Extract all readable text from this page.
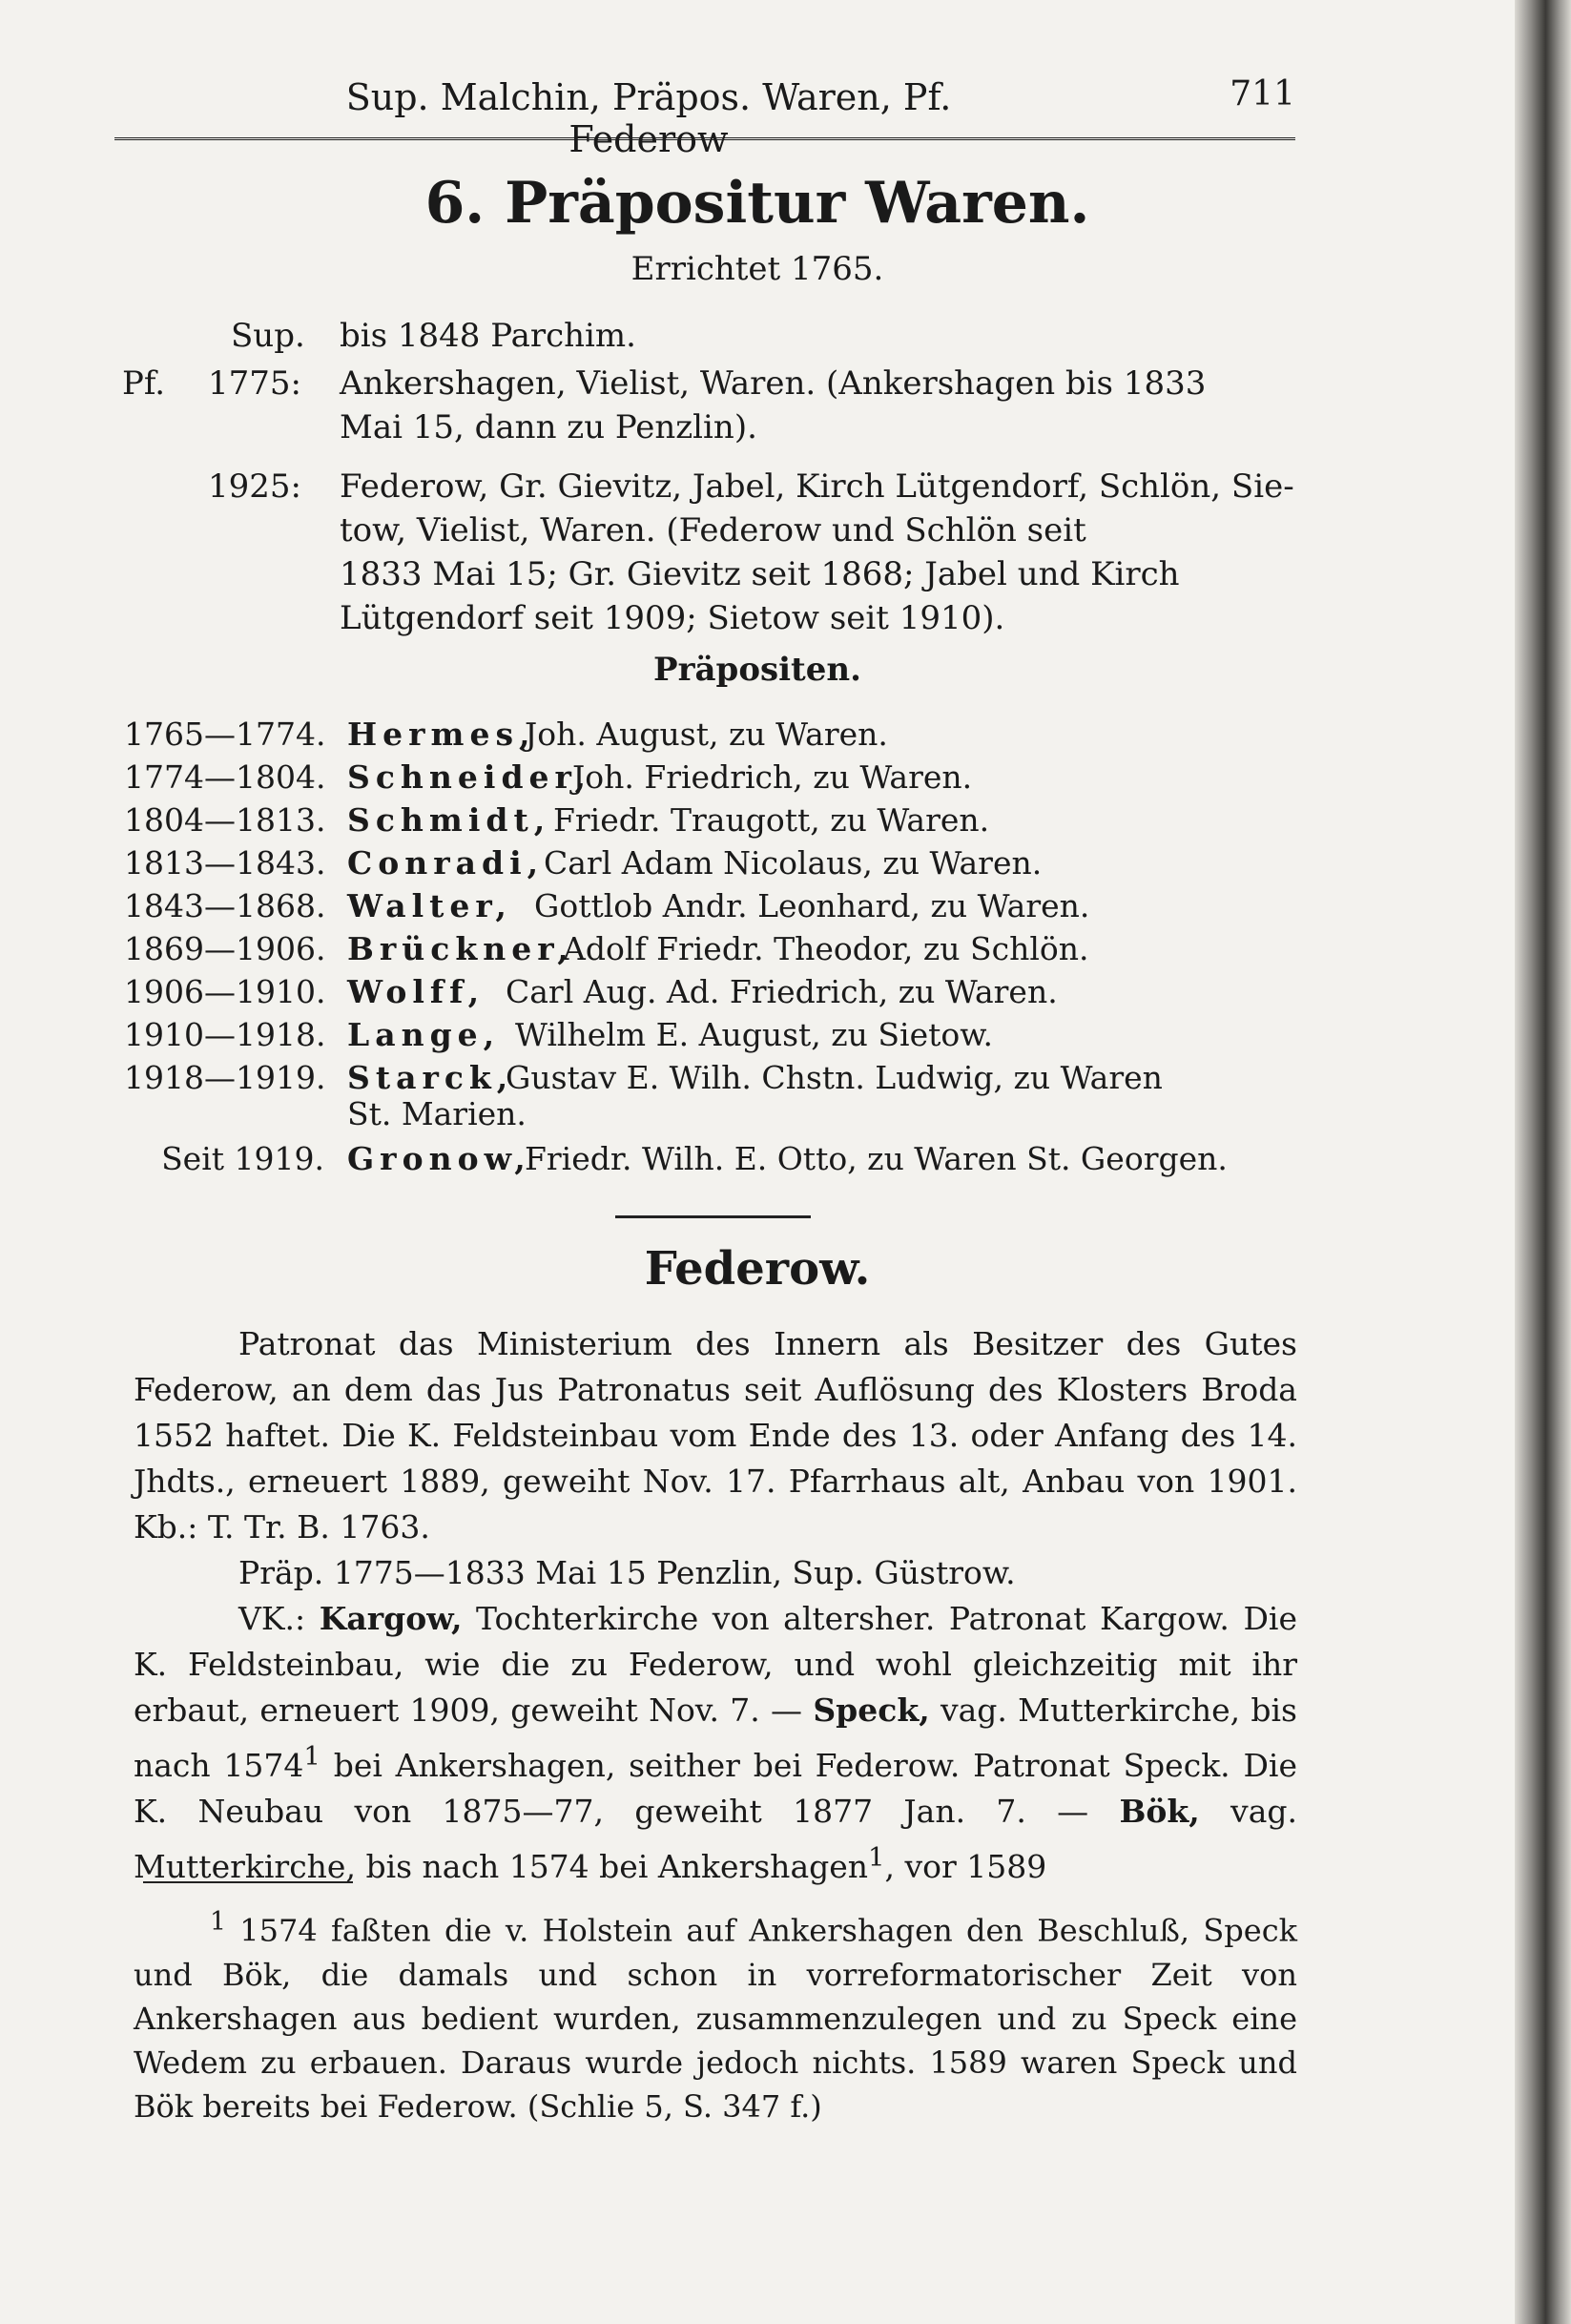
Sup. Malchin, Präpos. Waren, Pf. Federow
711
6. Präpositur Waren.
Errichtet 1765.
Sup. bis 1848 Parchim.
Pf. 1775: Ankershagen, Vielist, Waren. (Ankershagen bis 1833
Mai 15, dann zu Penzlin).
1925: Federow, Gr. Gievitz, Jabel, Kirch Lütgendorf, Schlön, Sie-
tow, Vielist, Waren. (Federow und Schlön seit
1833 Mai 15; Gr. Gievitz seit 1868; Jabel und Kirch
Lütgendorf seit 1909; Sietow seit 1910).
Präpositen.
1765—1774. Hermes,
Joh. August, zu Waren.
1774—1804. Schneider,
Joh. Friedrich, zu Waren.
1804—1813. Schmidt, Friedr. Traugott, zu Waren.
1813—1843. Conradi, Carl Adam Nicolaus, zu Waren.
1843—1868. Walter, Gottlob Andr. Leonhard, zu Waren.
1869—1906. Brückner,
Adolf Friedr. Theodor, zu Schlön.
1906—1910. Wolff, Carl Aug. Ad. Friedrich, zu Waren.
1910—1918. Lange, Wilhelm E. August, zu Sietow.
1918—1919. Starck,
Gustav E. Wilh. Chstn. Ludwig, zu Waren
St. Marien.
Seit 1919. Gronow,
Friedr. Wilh. E. Otto, zu Waren St. Georgen.
Federow.

Patronat das Ministerium des Innern als Besitzer des Gutes Federow, an dem das Jus Patronatus seit Auflösung des Klosters Broda 1552 haftet. Die K. Feldsteinbau vom Ende des 13. oder Anfang des 14. Jhdts., erneuert 1889, geweiht Nov. 17. Pfarrhaus alt, Anbau von 1901. Kb.: T. Tr. B. 1763.

Präp. 1775—1833 Mai 15 Penzlin, Sup. Güstrow.

VK.: Kargow, Tochterkirche von altersher. Patronat Kargow. Die K. Feldsteinbau, wie die zu Federow, und wohl gleichzeitig mit ihr erbaut, erneuert 1909, geweiht Nov. 7. — Speck, vag. Mutterkirche, bis nach 1574$^1$ bei Ankershagen, seither bei Federow. Patronat Speck. Die K. Neubau von 1875—77, geweiht 1877 Jan. 7. — Bök, vag. Mutterkirche, bis nach 1574 bei Ankershagen$^1$, vor 1589

$^1$ 1574 faßten die v. Holstein auf Ankershagen den Beschluß, Speck und Bök, die damals und schon in vorreformatorischer Zeit von Ankershagen aus bedient wurden, zusammenzulegen und zu Speck eine Wedem zu erbauen. Daraus wurde jedoch nichts. 1589 waren Speck und Bök bereits bei Federow. (Schlie 5, S. 347 f.)
